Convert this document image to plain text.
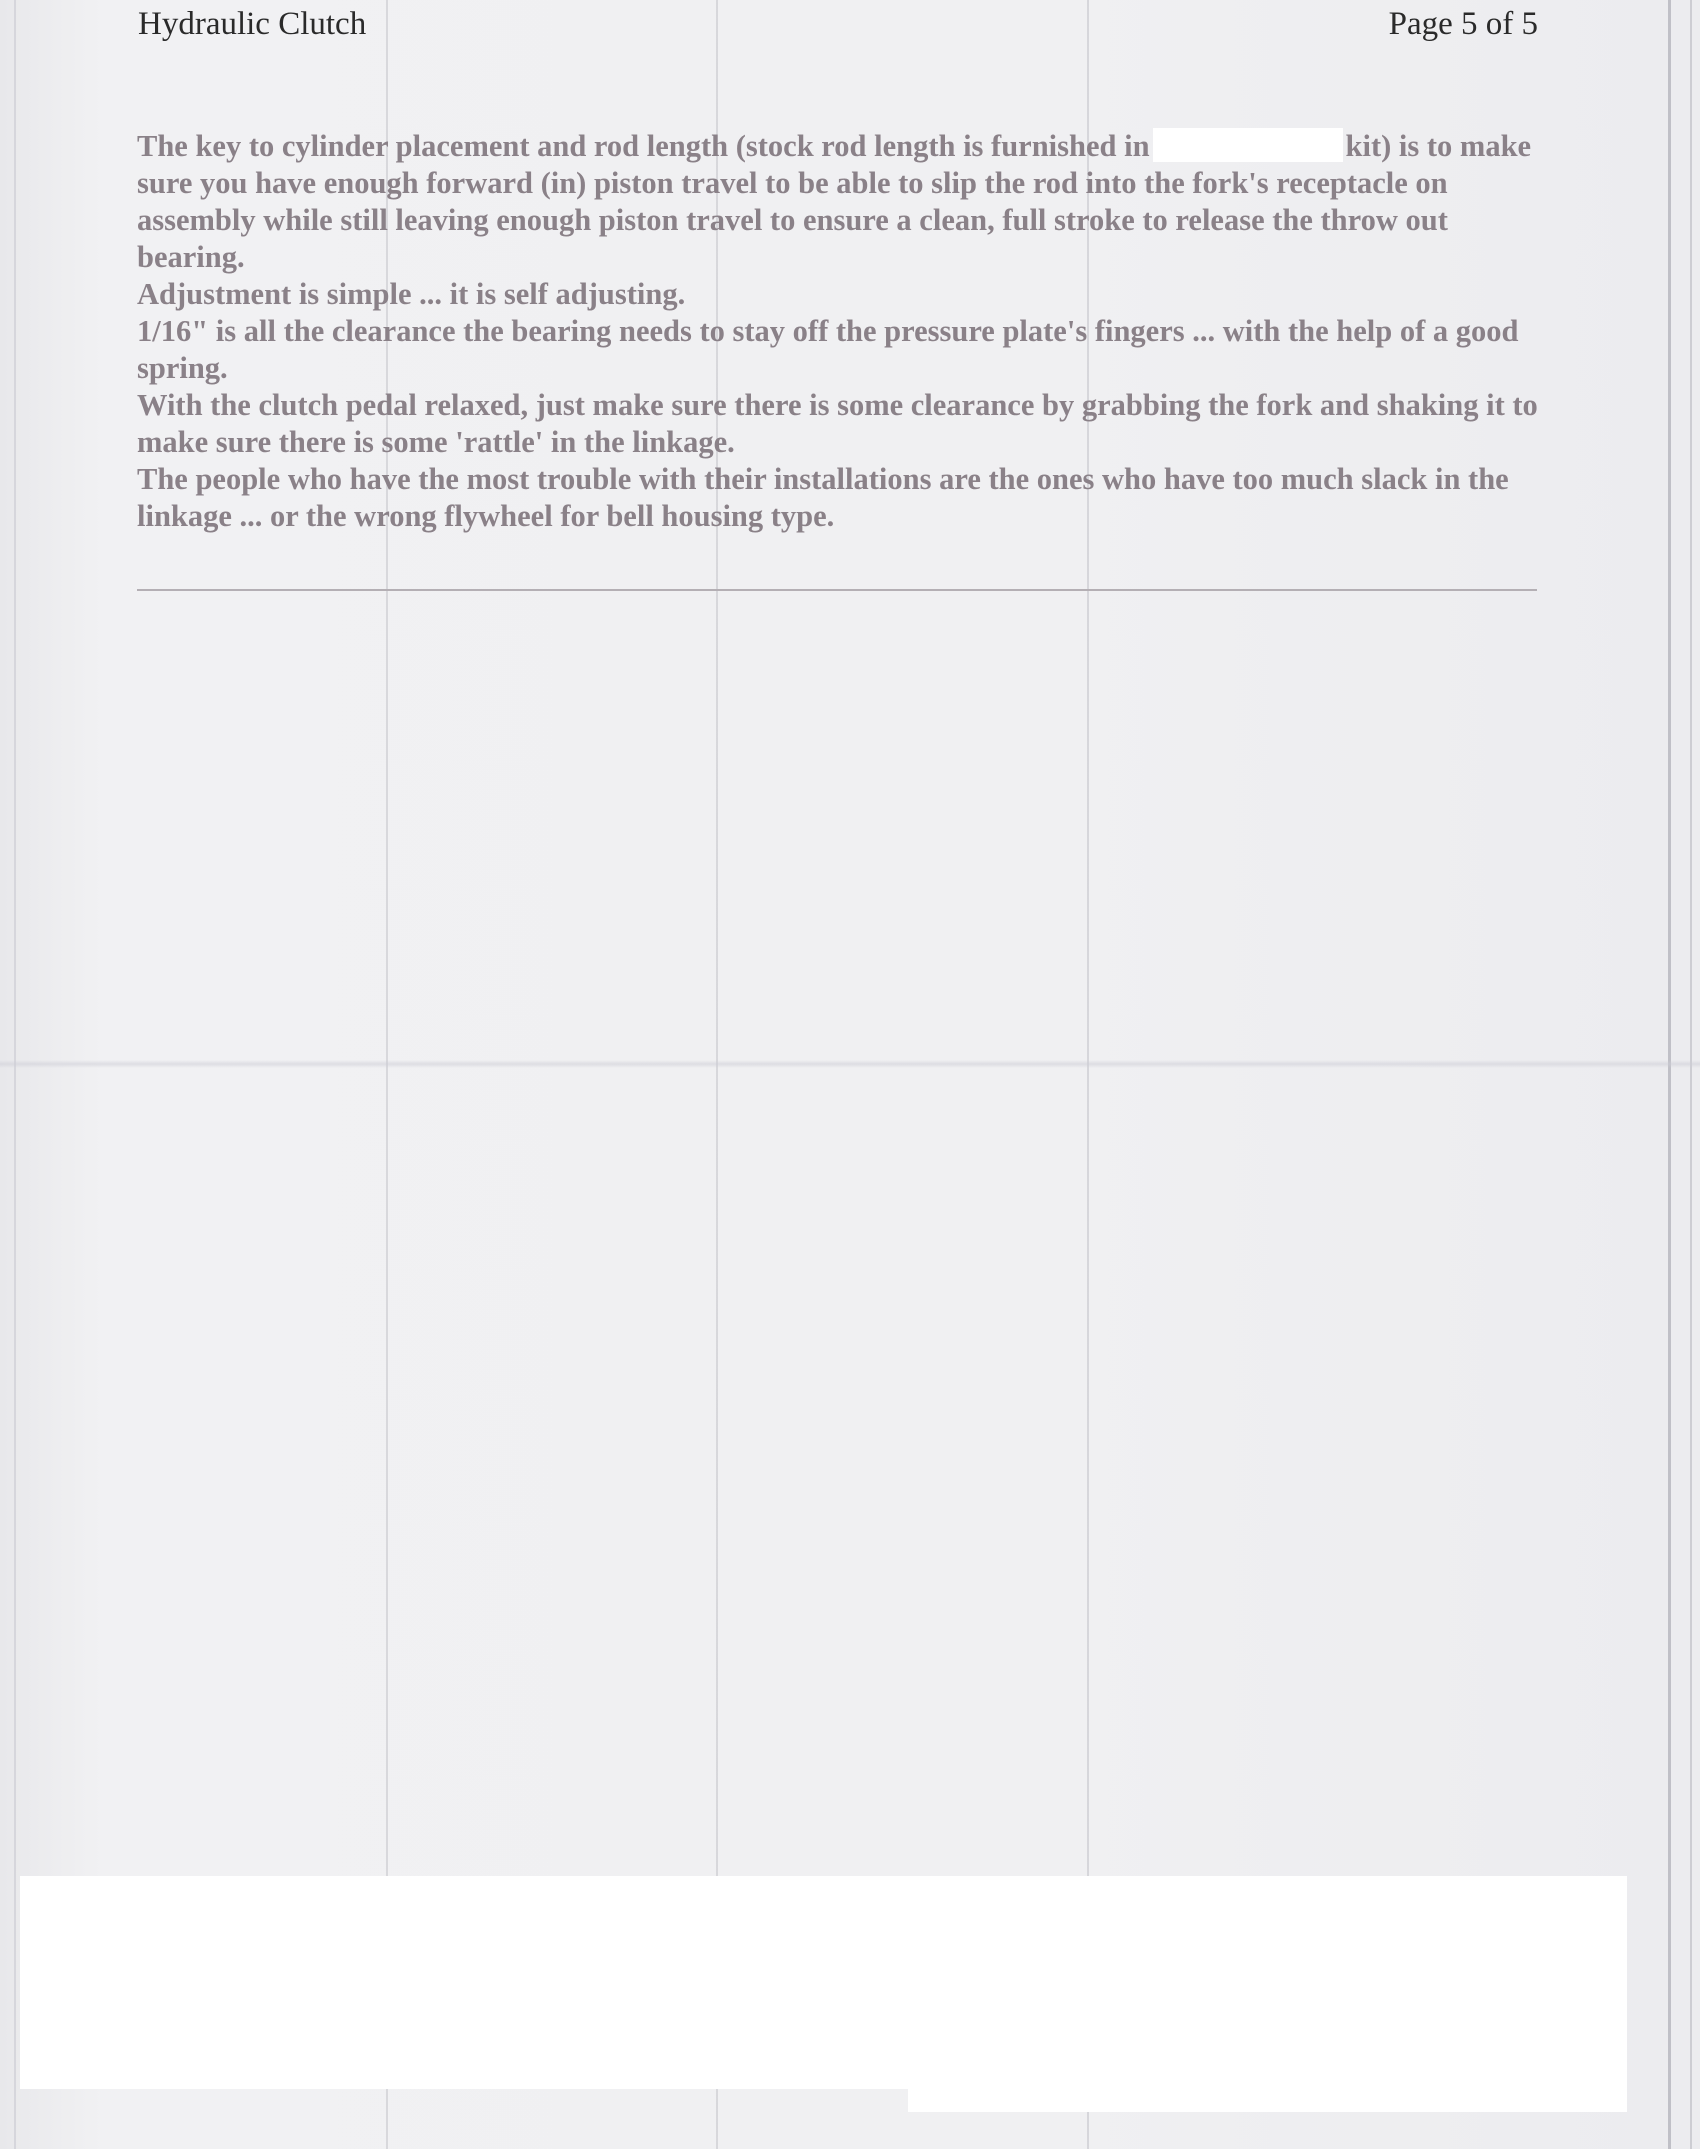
Hydraulic Clutch	Page 5 of 5

The key to cylinder placement and rod length (stock rod length is furnished in	kit) is to make sure you have enough forward (in) piston travel to be able to slip the rod into the fork's receptacle on assembly while still leaving enough piston travel to ensure a clean, full stroke to release the throw out bearing.

Adjustment is simple ... it is self adjusting.

1/16" is all the clearance the bearing needs to stay off the pressure plate's fingers ... with the help of a good spring.

With the clutch pedal relaxed, just make sure there is some clearance by grabbing the fork and shaking it to make sure there is some 'rattle' in the linkage.

The people who have the most trouble with their installations are the ones who have too much slack in the linkage ... or the wrong flywheel for bell housing type.
